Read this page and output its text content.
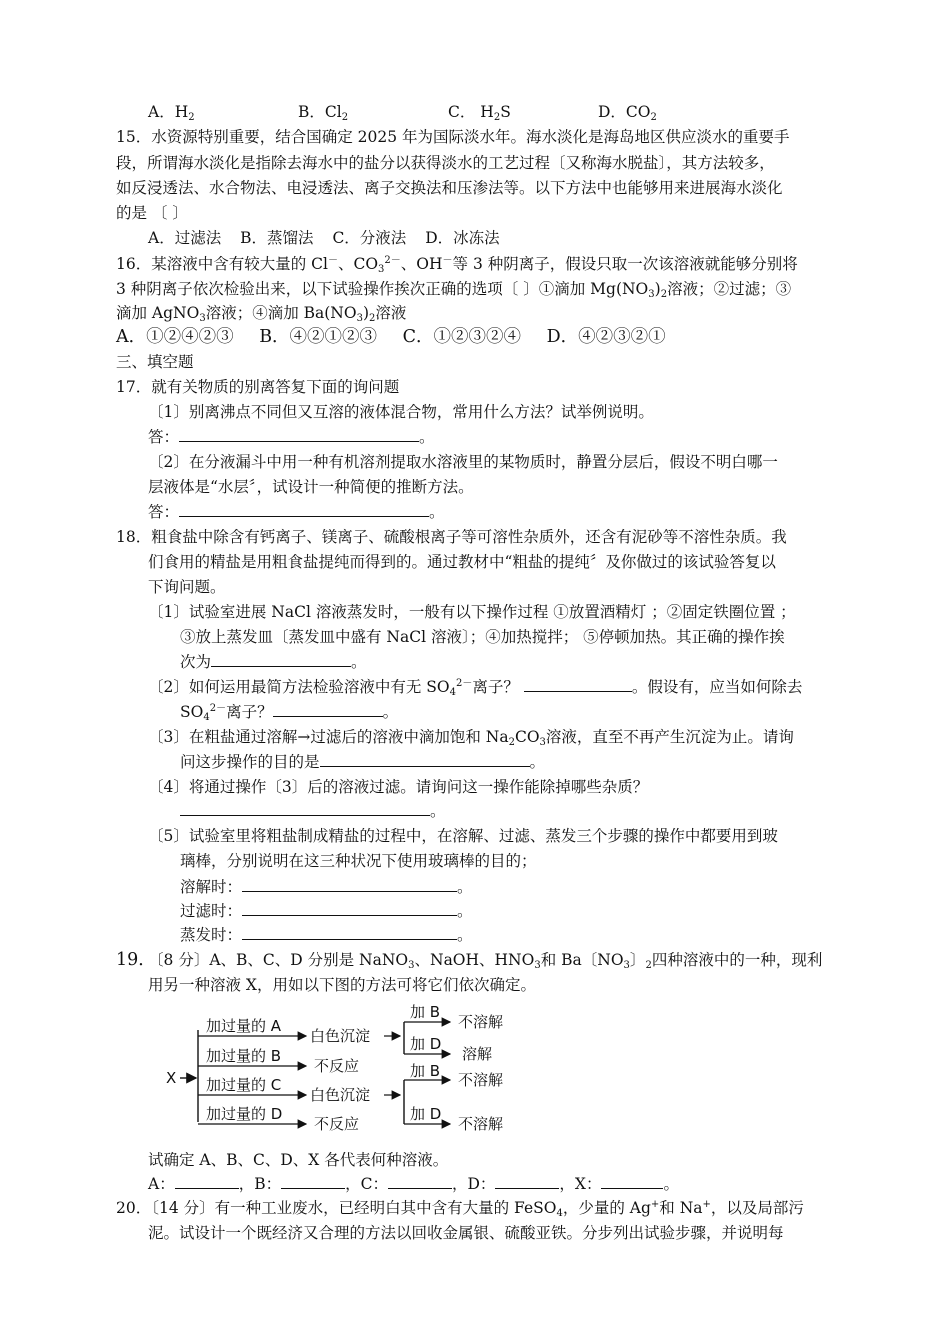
A．$H_2$	B．$Cl_2$	C． $H_2S$	D．$CO_2$
15．水资源特别重要，结合国确定 2025 年为国际淡水年。海水淡化是海岛地区供应淡水的重要手
段，所谓海水淡化是指除去海水中的盐分以获得淡水的工艺过程〔又称海水脱盐〕，其方法较多，
如反浸透法、水合物法、电浸透法、离子交换法和压渗法等。以下方法中也能够用来进展海水淡化
的是 〔 〕
A．过滤法 B．蒸馏法 C．分液法 D．冰冻法
16．某溶液中含有较大量的 Cl－、$CO_3^{2-}$、OH－等 3 种阴离子，假设只取一次该溶液就能够分别将
3 种阴离子依次检验出来，以下试验操作挨次正确的选项〔 〕①滴加 $Mg(NO_3)_2$溶液；②过滤；③
滴加 AgNO$_3$溶液；④滴加 $Ba(NO_3)_2$溶液
A．①②④②③ B．④②①②③ C．①②③②④ D．④②③②①
三、填空题
17．就有关物质的别离答复下面的询问题
〔1〕别离沸点不同但又互溶的液体混合物，常用什么方法？试举例说明。
答：	。
〔2〕在分液漏斗中用一种有机溶剂提取水溶液里的某物质时，静置分层后，假设不明白哪一
层液体是“水层〞，试设计一种简便的推断方法。
答：	。
18．粗食盐中除含有钙离子、镁离子、硫酸根离子等可溶性杂质外，还含有泥砂等不溶性杂质。我
们食用的精盐是用粗食盐提纯而得到的。通过教材中“粗盐的提纯〞及你做过的该试验答复以
下询问题。
〔1〕试验室进展 NaCl 溶液蒸发时，一般有以下操作过程 ①放置酒精灯 ；②固定铁圈位置 ；
③放上蒸发皿〔蒸发皿中盛有 NaCl 溶液〕；④加热搅拌； ⑤停顿加热。其正确的操作挨
次为	。
〔2〕如何运用最简方法检验溶液中有无 $SO_4^{2-}$离子？	。假设有，应当如何除去
$SO_4^{2-}$离子？	。
〔3〕在粗盐通过溶解→过滤后的溶液中滴加饱和 $Na_2CO_3$溶液，直至不再产生沉淀为止。请询
问这步操作的目的是	。
〔4〕将通过操作〔3〕后的溶液过滤。请询问这一操作能除掉哪些杂质？
。
〔5〕试验室里将粗盐制成精盐的过程中，在溶解、过滤、蒸发三个步骤的操作中都要用到玻
璃棒，分别说明在这三种状况下使用玻璃棒的目的；
溶解时：	。
过滤时：	。
蒸发时：	。
19．〔8 分〕A、B、C、D 分别是 NaNO$_3$、NaOH、$HNO_3$和 Ba〔$NO_3$〕$_2$四种溶液中的一种，现利
用另一种溶液 X，用如以下图的方法可将它们依次确定。
X
加过量的 A
加过量的 B
加过量的 C
加过量的 D
白色沉淀
不反应
白色沉淀
不反应
加 B
加 D
加 B
加 D
不溶解
溶解
不溶解
不溶解
试确定 A、B、C、D、X 各代表何种溶液。
A：	，B：	，C：	，D：	，X：	。
20．〔14 分〕有一种工业废水，已经明白其中含有大量的 FeSO$_4$，少量的 Ag+和 Na+，以及局部污
泥。试设计一个既经济又合理的方法以回收金属银、硫酸亚铁。分步列出试验步骤，并说明每
